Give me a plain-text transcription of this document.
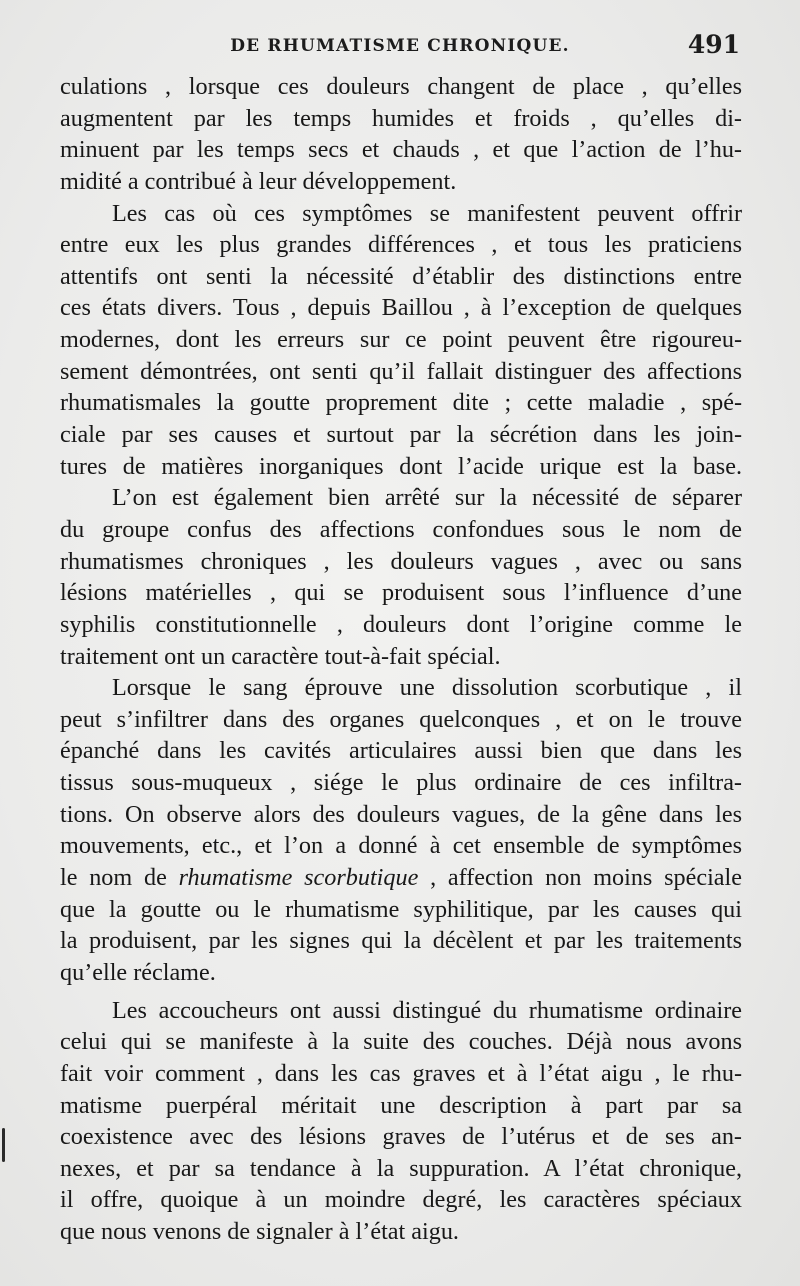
DE RHUMATISME CHRONIQUE.	491
culations , lorsque ces douleurs changent de place , qu’elles
augmentent par les temps humides et froids , qu’elles di-
minuent par les temps secs et chauds , et que l’action de l’hu-
midité a contribué à leur développement.
Les cas où ces symptômes se manifestent peuvent offrir
entre eux les plus grandes différences , et tous les praticiens
attentifs ont senti la nécessité d’établir des distinctions entre
ces états divers. Tous , depuis Baillou , à l’exception de quelques
modernes, dont les erreurs sur ce point peuvent être rigoureu-
sement démontrées, ont senti qu’il fallait distinguer des affections
rhumatismales la goutte proprement dite ; cette maladie , spé-
ciale par ses causes et surtout par la sécrétion dans les join-
tures de matières inorganiques dont l’acide urique est la base.
L’on est également bien arrêté sur la nécessité de séparer
du groupe confus des affections confondues sous le nom de
rhumatismes chroniques , les douleurs vagues , avec ou sans
lésions matérielles , qui se produisent sous l’influence d’une
syphilis constitutionnelle , douleurs dont l’origine comme le
traitement ont un caractère tout-à-fait spécial.
Lorsque le sang éprouve une dissolution scorbutique , il
peut s’infiltrer dans des organes quelconques , et on le trouve
épanché dans les cavités articulaires aussi bien que dans les
tissus sous-muqueux , siége le plus ordinaire de ces infiltra-
tions. On observe alors des douleurs vagues, de la gêne dans les
mouvements, etc., et l’on a donné à cet ensemble de symptômes
le nom de rhumatisme scorbutique , affection non moins spéciale
que la goutte ou le rhumatisme syphilitique, par les causes qui
la produisent, par les signes qui la décèlent et par les traitements
qu’elle réclame.
Les accoucheurs ont aussi distingué du rhumatisme ordinaire
celui qui se manifeste à la suite des couches. Déjà nous avons
fait voir comment , dans les cas graves et à l’état aigu , le rhu-
matisme puerpéral méritait une description à part par sa
coexistence avec des lésions graves de l’utérus et de ses an-
nexes, et par sa tendance à la suppuration. A l’état chronique,
il offre, quoique à un moindre degré, les caractères spéciaux
que nous venons de signaler à l’état aigu.
